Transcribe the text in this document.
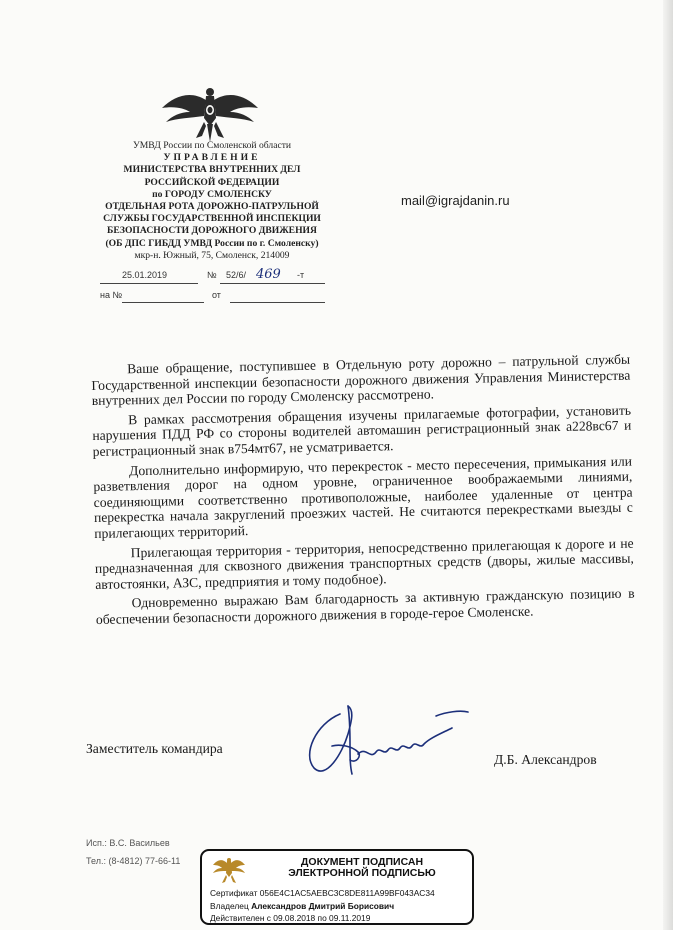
УМВД России по Смоленской области
УПРАВЛЕНИЕ
МИНИСТЕРСТВА ВНУТРЕННИХ ДЕЛ
РОССИЙСКОЙ ФЕДЕРАЦИИ
по ГОРОДУ СМОЛЕНСКУ
ОТДЕЛЬНАЯ РОТА ДОРОЖНО-ПАТРУЛЬНОЙ
СЛУЖБЫ ГОСУДАРСТВЕННОЙ ИНСПЕКЦИИ
БЕЗОПАСНОСТИ ДОРОЖНОГО ДВИЖЕНИЯ
(ОБ ДПС ГИБДД УМВД России по г. Смоленску)
мкр-н. Южный, 75, Смоленск, 214009
mail@igrajdanin.ru
25.01.2019	№ 52/6/ 469 -т
на №	от

Ваше обращение, поступившее в Отдельную роту дорожно – патрульной службы Государственной инспекции безопасности дорожного движения Управления Министерства внутренних дел России по городу Смоленску рассмотрено.

В рамках рассмотрения обращения изучены прилагаемые фотографии, установить нарушения ПДД РФ со стороны водителей автомашин регистрационный знак а228вс67 и регистрационный знак в754мт67, не усматривается.

Дополнительно информирую, что перекресток - место пересечения, примыкания или разветвления дорог на одном уровне, ограниченное воображаемыми линиями, соединяющими соответственно противоположные, наиболее удаленные от центра перекрестка начала закруглений проезжих частей. Не считаются перекрестками выезды с прилегающих территорий.

Прилегающая территория - территория, непосредственно прилегающая к дороге и не предназначенная для сквозного движения транспортных средств (дворы, жилые массивы, автостоянки, АЗС, предприятия и тому подобное).

Одновременно выражаю Вам благодарность за активную гражданскую позицию в обеспечении безопасности дорожного движения в городе-герое Смоленске.

Заместитель командира
Д.Б. Александров
Исп.: В.С. Васильев
Тел.: (8-4812) 77-66-11	ДОКУМЕНТ ПОДПИСАН
ЭЛЕКТРОННОЙ ПОДПИСЬЮ
Сертификат 056E4C1AC5AEBC3C8DE811A99BF043AC34
Владелец Александров Дмитрий Борисович
Действителен с 09.08.2018 по 09.11.2019
